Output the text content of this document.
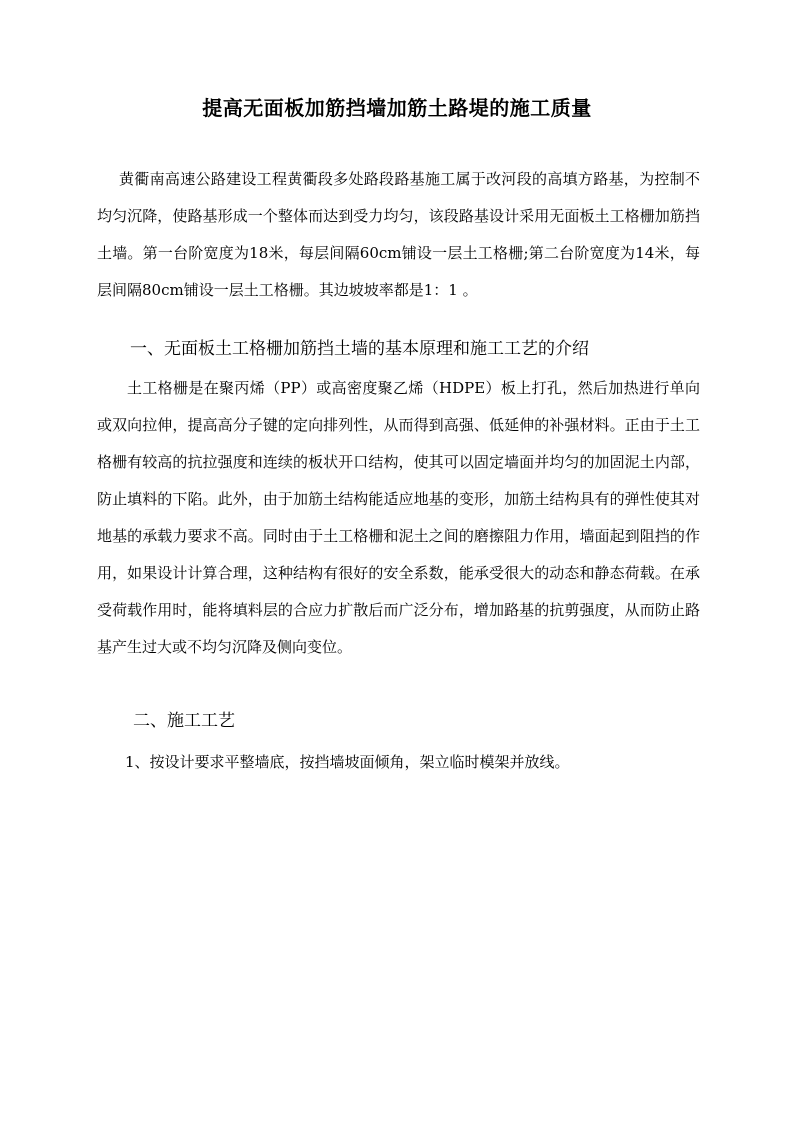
提高无面板加筋挡墙加筋土路堤的施工质量

黄衢南高速公路建设工程黄衢段多处路段路基施工属于改河段的高填方路基，为控制不均匀沉降，使路基形成一个整体而达到受力均匀，该段路基设计采用无面板土工格栅加筋挡土墙。第一台阶宽度为18米，每层间隔60cm铺设一层土工格栅;第二台阶宽度为14米，每层间隔80cm铺设一层土工格栅。其边坡坡率都是1：1 。

一、无面板土工格栅加筋挡土墙的基本原理和施工工艺的介绍

土工格栅是在聚丙烯（PP）或高密度聚乙烯（HDPE）板上打孔，然后加热进行单向或双向拉伸，提高高分子键的定向排列性，从而得到高强、低延伸的补强材料。正由于土工格栅有较高的抗拉强度和连续的板状开口结构，使其可以固定墙面并均匀的加固泥土内部，防止填料的下陷。此外，由于加筋土结构能适应地基的变形，加筋土结构具有的弹性使其对地基的承载力要求不高。同时由于土工格栅和泥土之间的磨擦阻力作用，墙面起到阻挡的作用，如果设计计算合理，这种结构有很好的安全系数，能承受很大的动态和静态荷载。在承受荷载作用时，能将填料层的合应力扩散后而广泛分布，增加路基的抗剪强度，从而防止路基产生过大或不均匀沉降及侧向变位。

二、施工工艺

1、按设计要求平整墙底，按挡墙坡面倾角，架立临时模架并放线。
